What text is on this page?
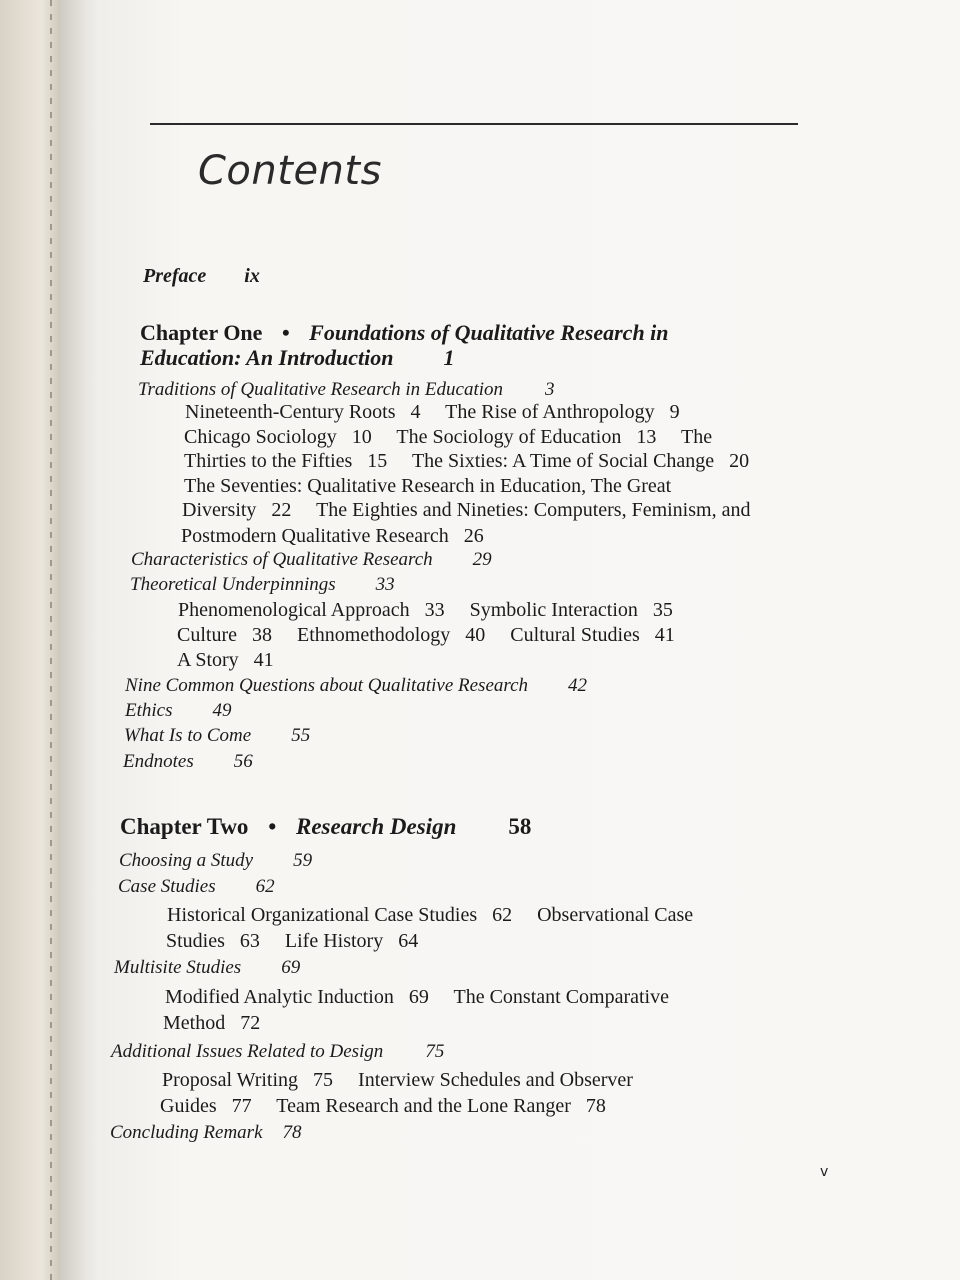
Contents
Preface ix
Chapter One • Foundations of Qualitative Research in
Education: An Introduction 1
Traditions of Qualitative Research in Education 3
Nineteenth-Century Roots   4     The Rise of Anthropology   9
Chicago Sociology   10     The Sociology of Education   13     The
Thirties to the Fifties   15     The Sixties: A Time of Social Change   20
The Seventies: Qualitative Research in Education, The Great
Diversity   22     The Eighties and Nineties: Computers, Feminism, and
Postmodern Qualitative Research   26
Characteristics of Qualitative Research 29
Theoretical Underpinnings 33
Phenomenological Approach   33     Symbolic Interaction   35
Culture   38     Ethnomethodology   40     Cultural Studies   41
A Story   41
Nine Common Questions about Qualitative Research 42
Ethics 49
What Is to Come 55
Endnotes 56
Chapter Two • Research Design 58
Choosing a Study 59
Case Studies 62
Historical Organizational Case Studies   62     Observational Case
Studies   63     Life History   64
Multisite Studies 69
Modified Analytic Induction   69     The Constant Comparative
Method   72
Additional Issues Related to Design 75
Proposal Writing   75     Interview Schedules and Observer
Guides   77     Team Research and the Lone Ranger   78
Concluding Remark 78
v
